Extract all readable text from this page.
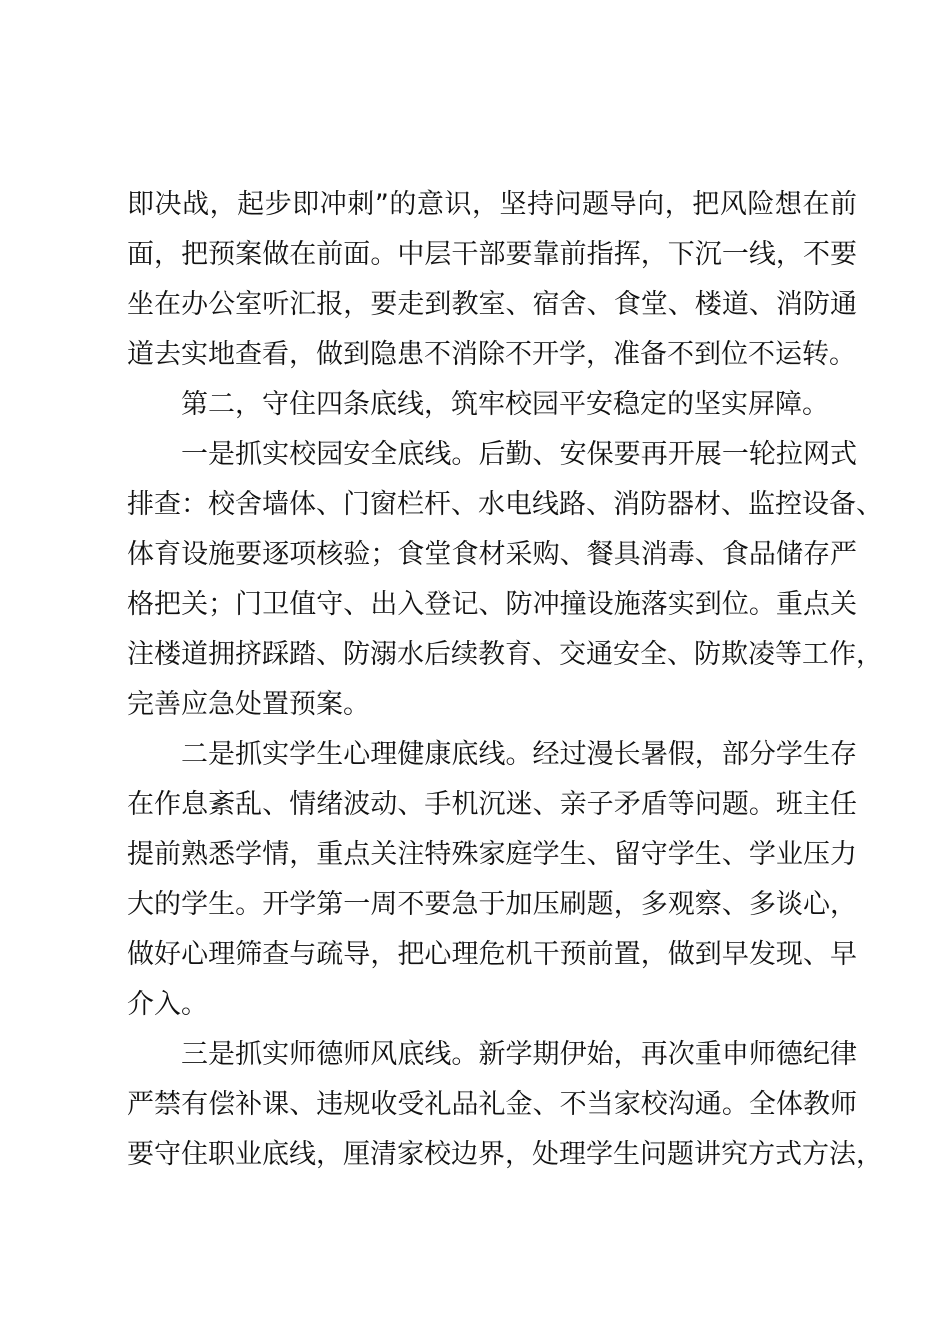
即决战，起步即冲刺”的意识，坚持问题导向，把风险想在前
面，把预案做在前面。中层干部要靠前指挥，下沉一线，不要
坐在办公室听汇报，要走到教室、宿舍、食堂、楼道、消防通
道去实地查看，做到隐患不消除不开学，准备不到位不运转。
第二，守住四条底线，筑牢校园平安稳定的坚实屏障。
一是抓实校园安全底线。后勤、安保要再开展一轮拉网式
排查：校舍墙体、门窗栏杆、水电线路、消防器材、监控设备、
体育设施要逐项核验；食堂食材采购、餐具消毒、食品储存严
格把关；门卫值守、出入登记、防冲撞设施落实到位。重点关
注楼道拥挤踩踏、防溺水后续教育、交通安全、防欺凌等工作，
完善应急处置预案。
二是抓实学生心理健康底线。经过漫长暑假，部分学生存
在作息紊乱、情绪波动、手机沉迷、亲子矛盾等问题。班主任
提前熟悉学情，重点关注特殊家庭学生、留守学生、学业压力
大的学生。开学第一周不要急于加压刷题，多观察、多谈心，
做好心理筛查与疏导，把心理危机干预前置，做到早发现、早
介入。
三是抓实师德师风底线。新学期伊始，再次重申师德纪律
严禁有偿补课、违规收受礼品礼金、不当家校沟通。全体教师
要守住职业底线，厘清家校边界，处理学生问题讲究方式方法，
